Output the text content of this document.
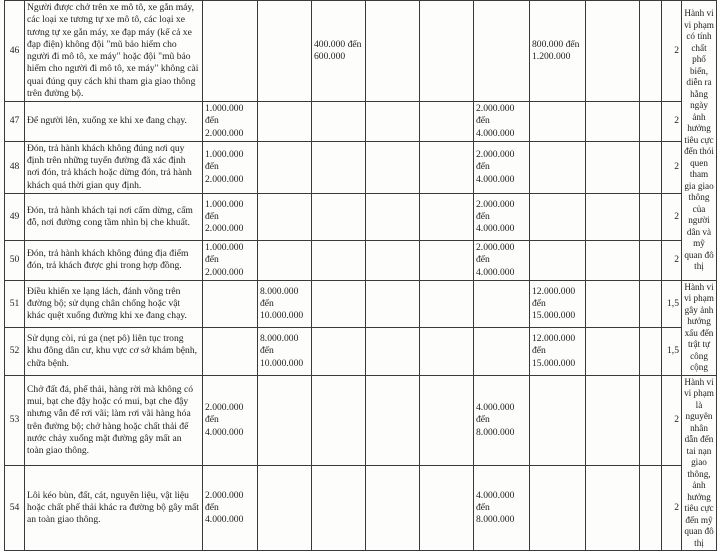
46	Người được chở trên xe mô tô, xe gắn máy, các loại xe tương tự xe mô tô, các loại xe tương tự xe gắn máy, xe đạp máy (kể cả xe đạp điện) không đội "mũ bảo hiểm cho người đi mô tô, xe máy" hoặc đội "mũ bảo hiểm cho người đi mô tô, xe máy" không cài quai đúng quy cách khi tham gia giao thông trên đường bộ.			400.000 đến 600.000				800.000 đến 1.200.000			2	Hành vi vi phạm có tính chất phổ biến, diễn ra hằng ngày ảnh hưởng tiêu cực đến thói quen tham gia giao thông của người dân và mỹ quan đô thị
47	Để người lên, xuống xe khi xe đang chạy.	1.000.000 đến 2.000.000					2.000.000 đến 4.000.000				2	
48	Đón, trả hành khách không đúng nơi quy định trên những tuyến đường đã xác định nơi đón, trả khách hoặc dừng đón, trả hành khách quá thời gian quy định.	1.000.000 đến 2.000.000					2.000.000 đến 4.000.000				2	
49	Đón, trả hành khách tại nơi cấm dừng, cấm đỗ, nơi đường cong tầm nhìn bị che khuất.	1.000.000 đến 2.000.000					2.000.000 đến 4.000.000				2	
50	Đón, trả hành khách không đúng địa điểm đón, trả khách được ghi trong hợp đồng.	1.000.000 đến 2.000.000					2.000.000 đến 4.000.000				2	
51	Điều khiển xe lạng lách, đánh võng trên đường bộ; sử dụng chân chống hoặc vật khác quệt xuống đường khi xe đang chạy.		8.000.000 đến 10.000.000					12.000.000 đến 15.000.000			1,5	Hành vi vi phạm gây ảnh hưởng xấu đến trật tự công cộng
52	Sử dụng còi, rú ga (nẹt pô) liên tục trong khu đông dân cư, khu vực cơ sở khám bệnh, chữa bệnh.		8.000.000 đến 10.000.000					12.000.000 đến 15.000.000			1,5	
53	Chở đất đá, phế thải, hàng rời mà không có mui, bạt che đậy hoặc có mui, bạt che đậy nhưng vẫn để rơi vãi; làm rơi vãi hàng hóa trên đường bộ; chở hàng hoặc chất thải để nước chảy xuống mặt đường gây mất an toàn giao thông.	2.000.000 đến 4.000.000					4.000.000 đến 8.000.000				2	Hành vi vi phạm là nguyên nhân dẫn đến tai nạn giao thông, ảnh hưởng tiêu cực đến mỹ quan đô thị
54	Lôi kéo bùn, đất, cát, nguyên liệu, vật liệu hoặc chất phế thải khác ra đường bộ gây mất an toàn giao thông.	2.000.000 đến 4.000.000					4.000.000 đến 8.000.000				2	
